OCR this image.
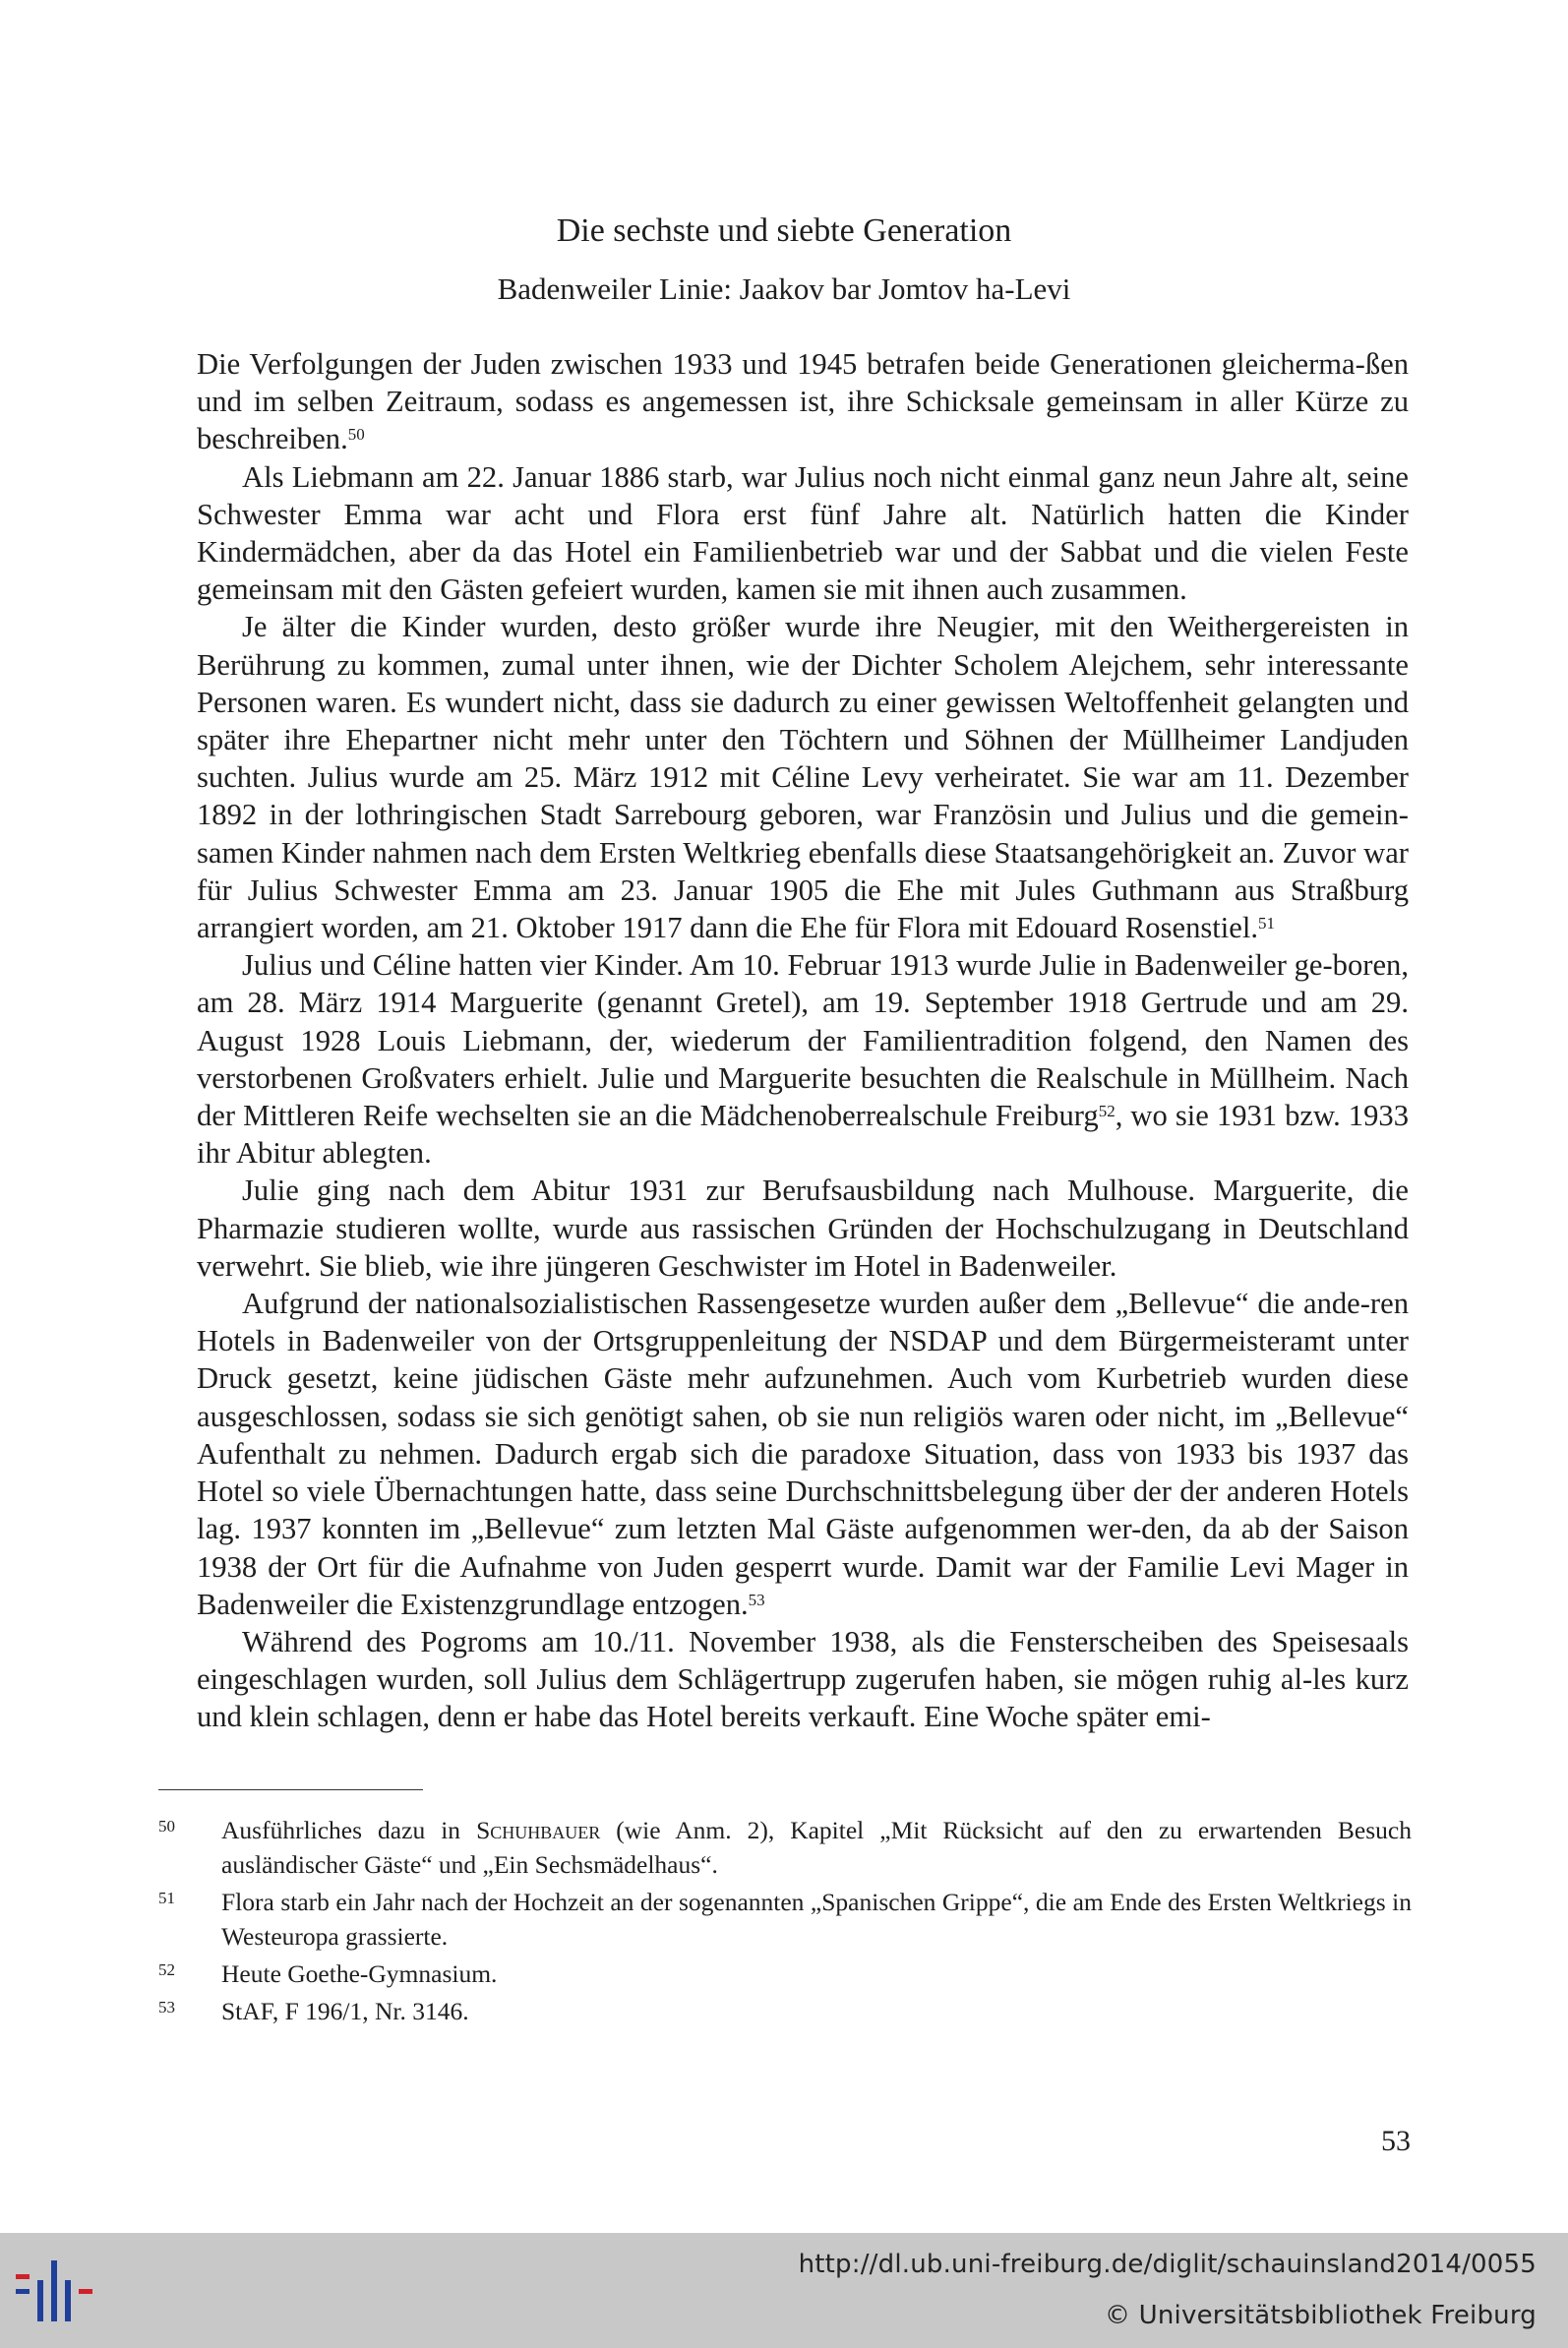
Die sechste und siebte Generation
Badenweiler Linie: Jaakov bar Jomtov ha-Levi

Die Verfolgungen der Juden zwischen 1933 und 1945 betrafen beide Generationen gleicherma-ßen und im selben Zeitraum, sodass es angemessen ist, ihre Schicksale gemeinsam in aller Kürze zu beschreiben.$^{50}$

Als Liebmann am 22. Januar 1886 starb, war Julius noch nicht einmal ganz neun Jahre alt, seine Schwester Emma war acht und Flora erst fünf Jahre alt. Natürlich hatten die Kinder Kindermädchen, aber da das Hotel ein Familienbetrieb war und der Sabbat und die vielen Feste gemeinsam mit den Gästen gefeiert wurden, kamen sie mit ihnen auch zusammen.

Je älter die Kinder wurden, desto größer wurde ihre Neugier, mit den Weithergereisten in Berührung zu kommen, zumal unter ihnen, wie der Dichter Scholem Alejchem, sehr interessante Personen waren. Es wundert nicht, dass sie dadurch zu einer gewissen Weltoffenheit gelangten und später ihre Ehepartner nicht mehr unter den Töchtern und Söhnen der Müllheimer Landjuden suchten. Julius wurde am 25. März 1912 mit Céline Levy verheiratet. Sie war am 11. Dezember 1892 in der lothringischen Stadt Sarrebourg geboren, war Französin und Julius und die gemein-samen Kinder nahmen nach dem Ersten Weltkrieg ebenfalls diese Staatsangehörigkeit an. Zuvor war für Julius Schwester Emma am 23. Januar 1905 die Ehe mit Jules Guthmann aus Straßburg arrangiert worden, am 21. Oktober 1917 dann die Ehe für Flora mit Edouard Rosenstiel.$^{51}$

Julius und Céline hatten vier Kinder. Am 10. Februar 1913 wurde Julie in Badenweiler ge-boren, am 28. März 1914 Marguerite (genannt Gretel), am 19. September 1918 Gertrude und am 29. August 1928 Louis Liebmann, der, wiederum der Familientradition folgend, den Namen des verstorbenen Großvaters erhielt. Julie und Marguerite besuchten die Realschule in Müllheim. Nach der Mittleren Reife wechselten sie an die Mädchenoberrealschule Freiburg$^{52}$, wo sie 1931 bzw. 1933 ihr Abitur ablegten.

Julie ging nach dem Abitur 1931 zur Berufsausbildung nach Mulhouse. Marguerite, die Pharmazie studieren wollte, wurde aus rassischen Gründen der Hochschulzugang in Deutschland verwehrt. Sie blieb, wie ihre jüngeren Geschwister im Hotel in Badenweiler.

Aufgrund der nationalsozialistischen Rassengesetze wurden außer dem „Bellevue“ die ande-ren Hotels in Badenweiler von der Ortsgruppenleitung der NSDAP und dem Bürgermeisteramt unter Druck gesetzt, keine jüdischen Gäste mehr aufzunehmen. Auch vom Kurbetrieb wurden diese ausgeschlossen, sodass sie sich genötigt sahen, ob sie nun religiös waren oder nicht, im „Bellevue“ Aufenthalt zu nehmen. Dadurch ergab sich die paradoxe Situation, dass von 1933 bis 1937 das Hotel so viele Übernachtungen hatte, dass seine Durchschnittsbelegung über der der anderen Hotels lag. 1937 konnten im „Bellevue“ zum letzten Mal Gäste aufgenommen wer-den, da ab der Saison 1938 der Ort für die Aufnahme von Juden gesperrt wurde. Damit war der Familie Levi Mager in Badenweiler die Existenzgrundlage entzogen.$^{53}$

Während des Pogroms am 10./11. November 1938, als die Fensterscheiben des Speisesaals eingeschlagen wurden, soll Julius dem Schlägertrupp zugerufen haben, sie mögen ruhig al-les kurz und klein schlagen, denn er habe das Hotel bereits verkauft. Eine Woche später emi-

50 Ausführliches dazu in Schuhbauer (wie Anm. 2), Kapitel „Mit Rücksicht auf den zu erwartenden Besuch ausländischer Gäste“ und „Ein Sechsmädelhaus“.
51 Flora starb ein Jahr nach der Hochzeit an der sogenannten „Spanischen Grippe“, die am Ende des Ersten Weltkriegs in Westeuropa grassierte.
52 Heute Goethe-Gymnasium.
53 StAF, F 196/1, Nr. 3146.
53
http://dl.ub.uni-freiburg.de/diglit/schauinsland2014/0055
© Universitätsbibliothek Freiburg
